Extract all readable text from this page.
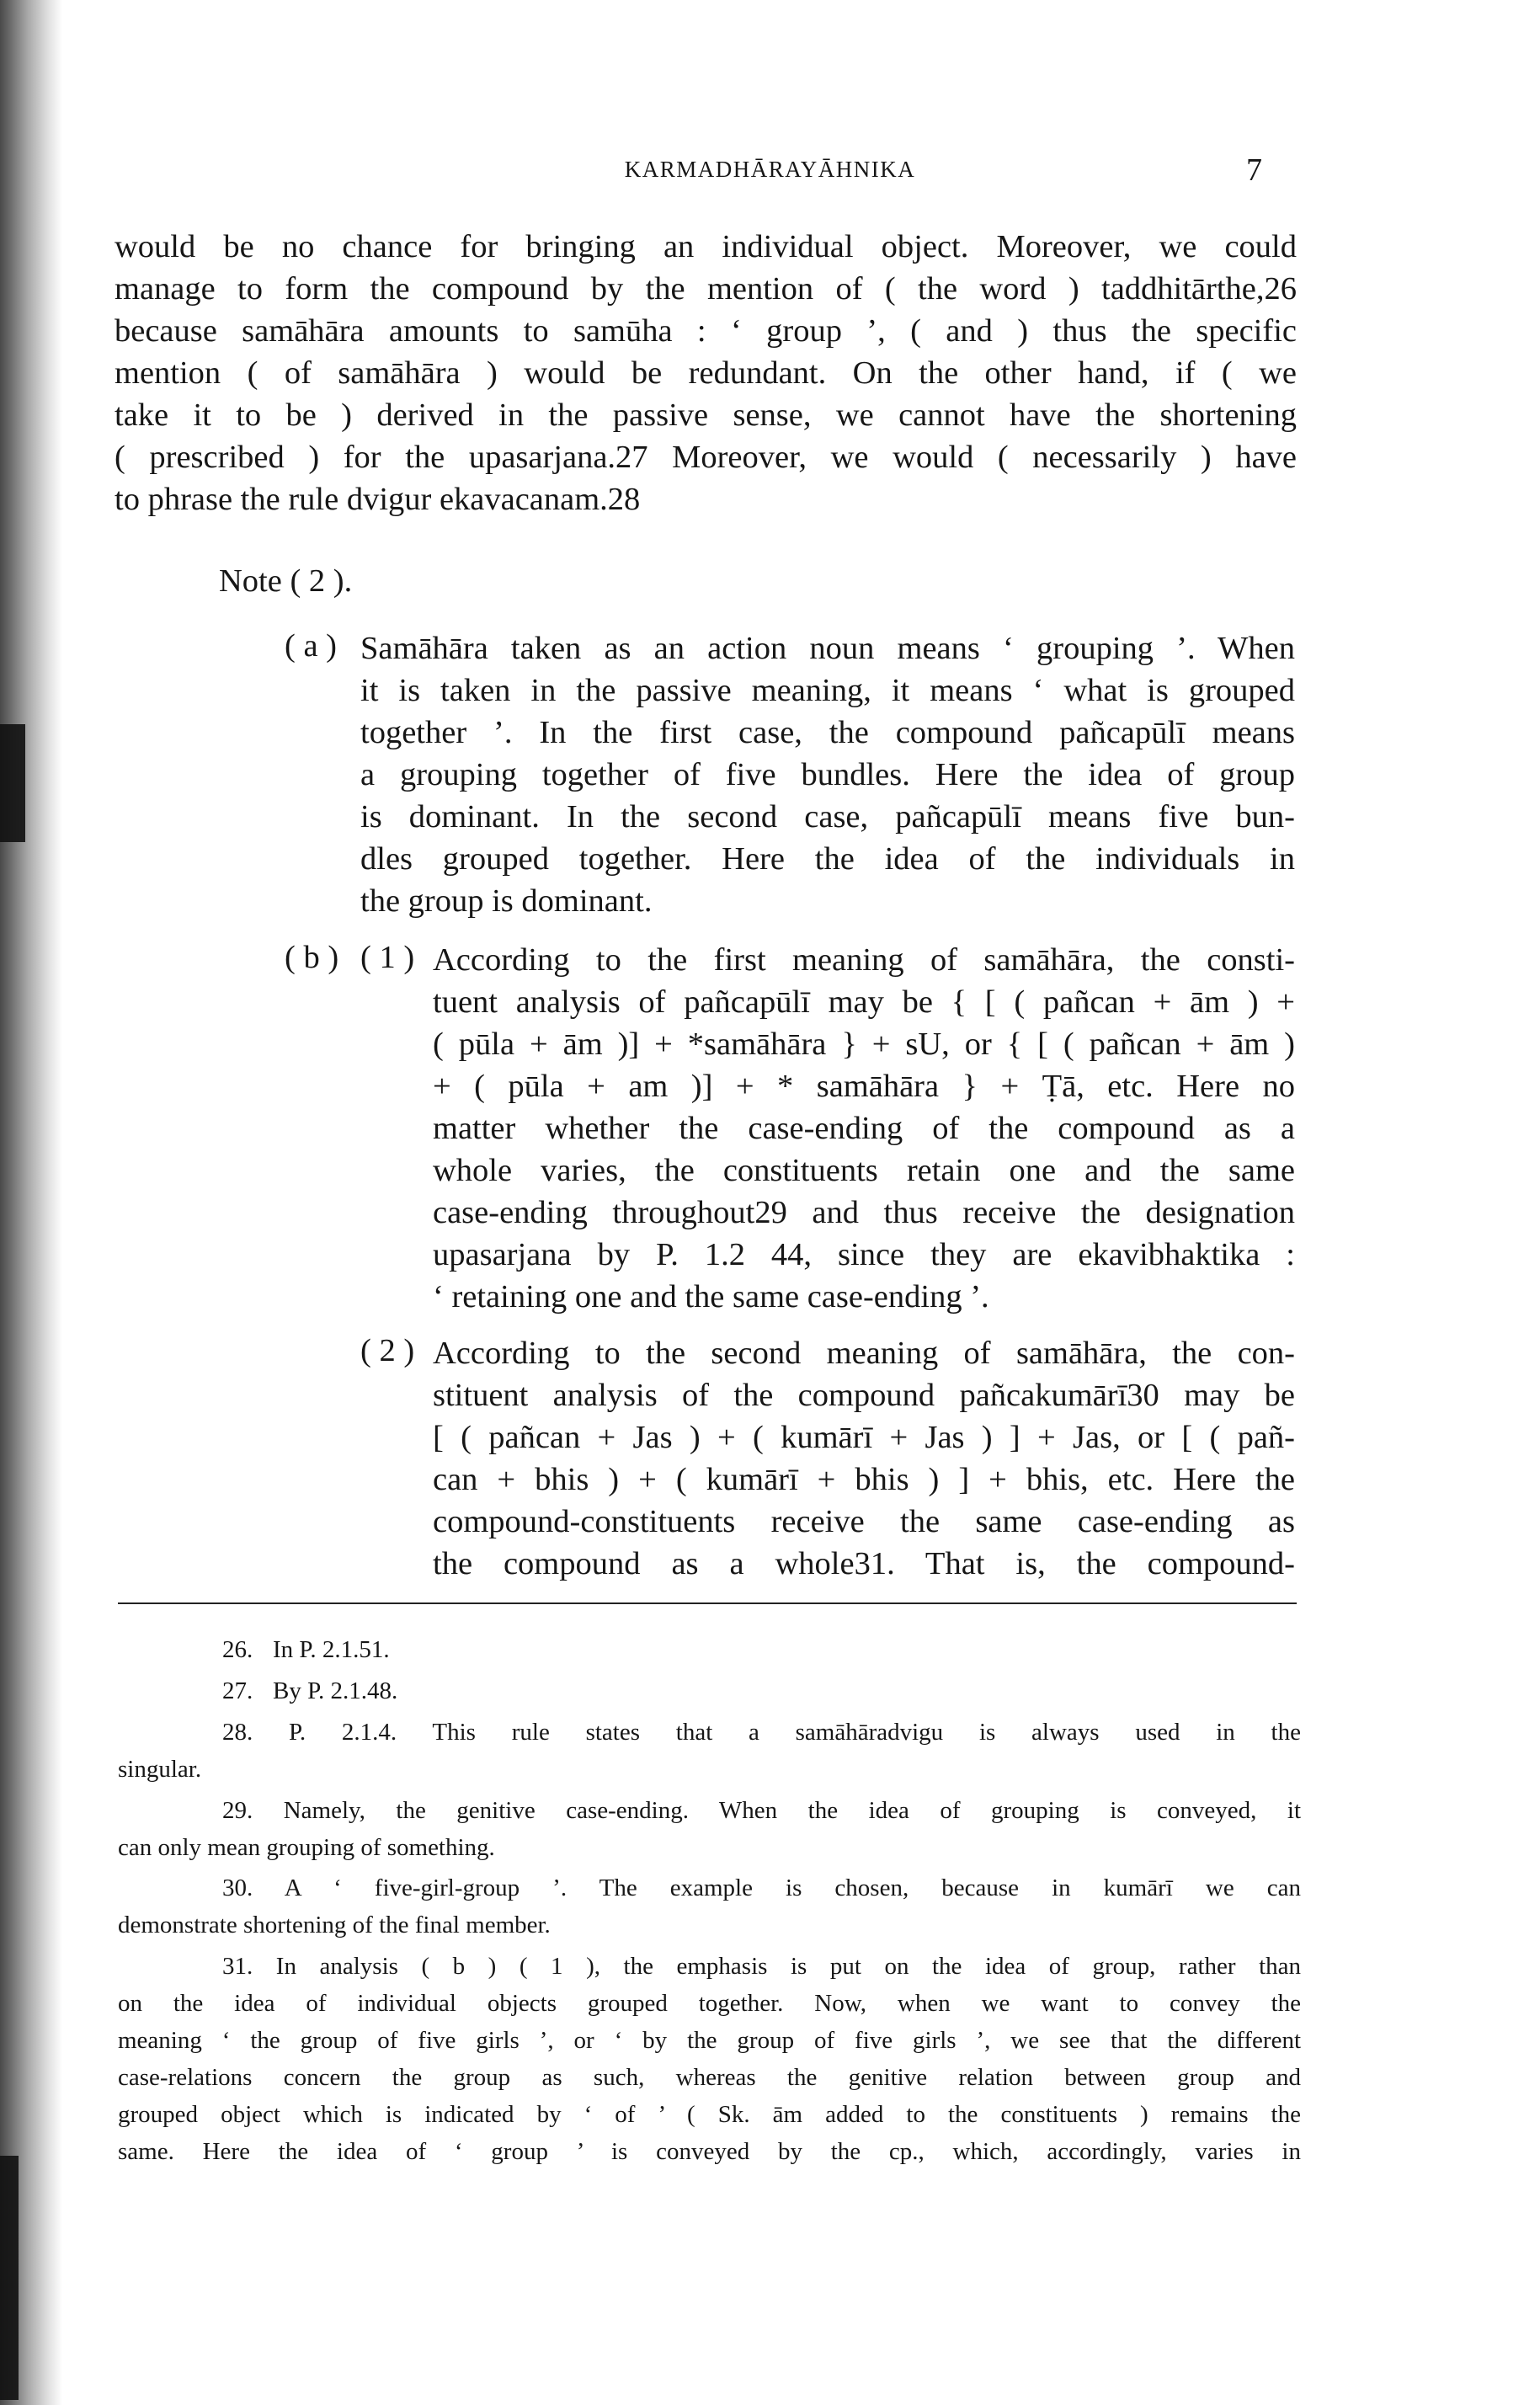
KARMADHĀRAYĀHNIKA	7
would be no chance for bringing an individual object. Moreover, we could
manage to form the compound by the mention of ( the word ) taddhitārthe,26
because samāhāra amounts to samūha : ‘ group ’, ( and ) thus the specific
mention ( of samāhāra ) would be redundant. On the other hand, if ( we
take it to be ) derived in the passive sense, we cannot have the shortening
( prescribed ) for the upasarjana.27 Moreover, we would ( necessarily ) have
to phrase the rule dvigur ekavacanam.28
Note ( 2 ).
( a ) Samāhāra taken as an action noun means ‘ grouping ’. When
it is taken in the passive meaning, it means ‘ what is grouped
together ’. In the first case, the compound pañcapūlī means
a grouping together of five bundles. Here the idea of group
is dominant. In the second case, pañcapūlī means five bun-
dles grouped together. Here the idea of the individuals in
the group is dominant.
( b ) ( 1 ) According to the first meaning of samāhāra, the consti-
tuent analysis of pañcapūlī may be { [ ( pañcan + ām ) +
( pūla + ām )] + *samāhāra } + sU, or { [ ( pañcan + ām )
+ ( pūla + am )] + * samāhāra } + Ṭā, etc. Here no
matter whether the case-ending of the compound as a
whole varies, the constituents retain one and the same
case-ending throughout29 and thus receive the designation
upasarjana by P. 1.2 44, since they are ekavibhaktika :
‘ retaining one and the same case-ending ’.
( 2 ) According to the second meaning of samāhāra, the con-
stituent analysis of the compound pañcakumārī30 may be
[ ( pañcan + Jas ) + ( kumārī + Jas ) ] + Jas, or [ ( pañ-
can + bhis ) + ( kumārī + bhis ) ] + bhis, etc. Here the
compound-constituents receive the same case-ending as
the compound as a whole31. That is, the compound-
26. In P. 2.1.51.
27. By P. 2.1.48.
28. P. 2.1.4. This rule states that a samāhāradvigu is always used in the
singular.
29. Namely, the genitive case-ending. When the idea of grouping is conveyed, it
can only mean grouping of something.
30. A ‘ five-girl-group ’. The example is chosen, because in kumārī we can
demonstrate shortening of the final member.
31. In analysis ( b ) ( 1 ), the emphasis is put on the idea of group, rather than
on the idea of individual objects grouped together. Now, when we want to convey the
meaning ‘ the group of five girls ’, or ‘ by the group of five girls ’, we see that the different
case-relations concern the group as such, whereas the genitive relation between group and
grouped object which is indicated by ‘ of ’ ( Sk. ām added to the constituents ) remains the
same. Here the idea of ‘ group ’ is conveyed by the cp., which, accordingly, varies in
